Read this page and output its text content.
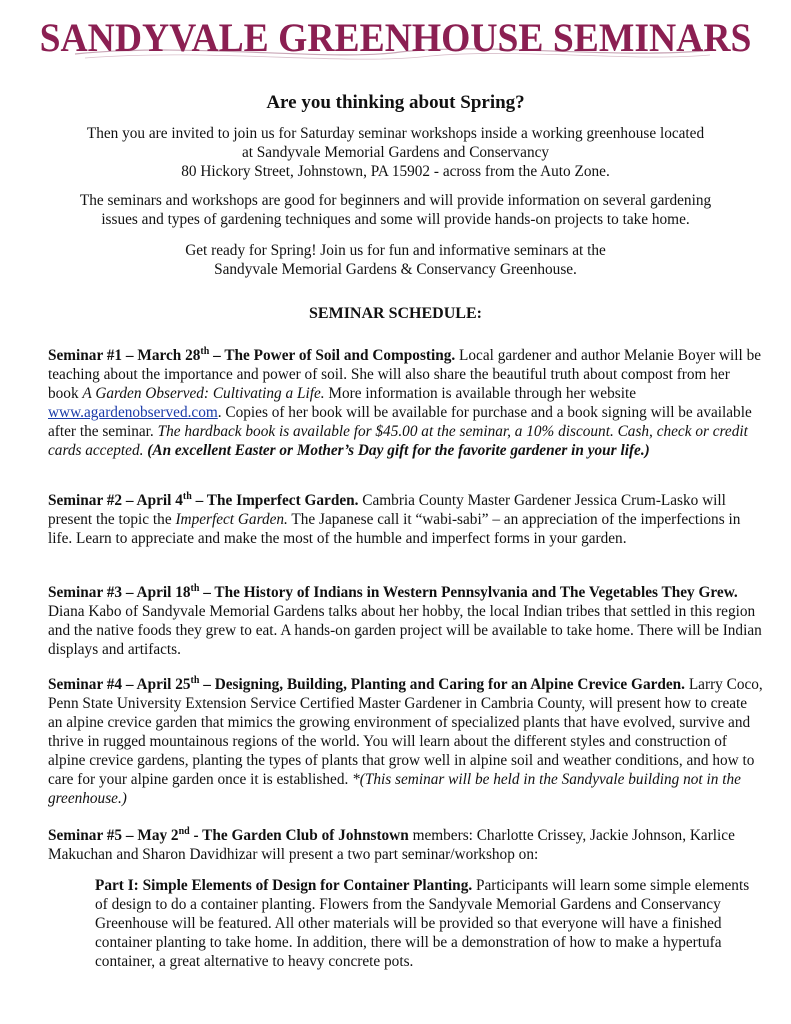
SANDYVALE GREENHOUSE SEMINARS
Are you thinking about Spring?
Then you are invited to join us for Saturday seminar workshops inside a working greenhouse located
at Sandyvale Memorial Gardens and Conservancy
80 Hickory Street, Johnstown, PA 15902 - across from the Auto Zone.
The seminars and workshops are good for beginners and will provide information on several gardening
issues and types of gardening techniques and some will provide hands-on projects to take home.
Get ready for Spring! Join us for fun and informative seminars at the
Sandyvale Memorial Gardens & Conservancy Greenhouse.
SEMINAR SCHEDULE:

Seminar #1 – March 28th – The Power of Soil and Composting. Local gardener and author Melanie Boyer will be teaching about the importance and power of soil. She will also share the beautiful truth about compost from her book A Garden Observed: Cultivating a Life. More information is available through her website www.agardenobserved.com. Copies of her book will be available for purchase and a book signing will be available after the seminar. The hardback book is available for $45.00 at the seminar, a 10% discount. Cash, check or credit cards accepted. (An excellent Easter or Mother’s Day gift for the favorite gardener in your life.)

Seminar #2 – April 4th – The Imperfect Garden. Cambria County Master Gardener Jessica Crum-Lasko will present the topic the Imperfect Garden. The Japanese call it “wabi-sabi” – an appreciation of the imperfections in life. Learn to appreciate and make the most of the humble and imperfect forms in your garden.

Seminar #3 – April 18th – The History of Indians in Western Pennsylvania and The Vegetables They Grew. Diana Kabo of Sandyvale Memorial Gardens talks about her hobby, the local Indian tribes that settled in this region and the native foods they grew to eat. A hands-on garden project will be available to take home. There will be Indian displays and artifacts.

Seminar #4 – April 25th – Designing, Building, Planting and Caring for an Alpine Crevice Garden. Larry Coco, Penn State University Extension Service Certified Master Gardener in Cambria County, will present how to create an alpine crevice garden that mimics the growing environment of specialized plants that have evolved, survive and thrive in rugged mountainous regions of the world. You will learn about the different styles and construction of alpine crevice gardens, planting the types of plants that grow well in alpine soil and weather conditions, and how to care for your alpine garden once it is established. *(This seminar will be held in the Sandyvale building not in the greenhouse.)

Seminar #5 – May 2nd - The Garden Club of Johnstown members: Charlotte Crissey, Jackie Johnson, Karlice Makuchan and Sharon Davidhizar will present a two part seminar/workshop on:

Part I: Simple Elements of Design for Container Planting. Participants will learn some simple elements of design to do a container planting. Flowers from the Sandyvale Memorial Gardens and Conservancy Greenhouse will be featured. All other materials will be provided so that everyone will have a finished container planting to take home. In addition, there will be a demonstration of how to make a hypertufa container, a great alternative to heavy concrete pots.
